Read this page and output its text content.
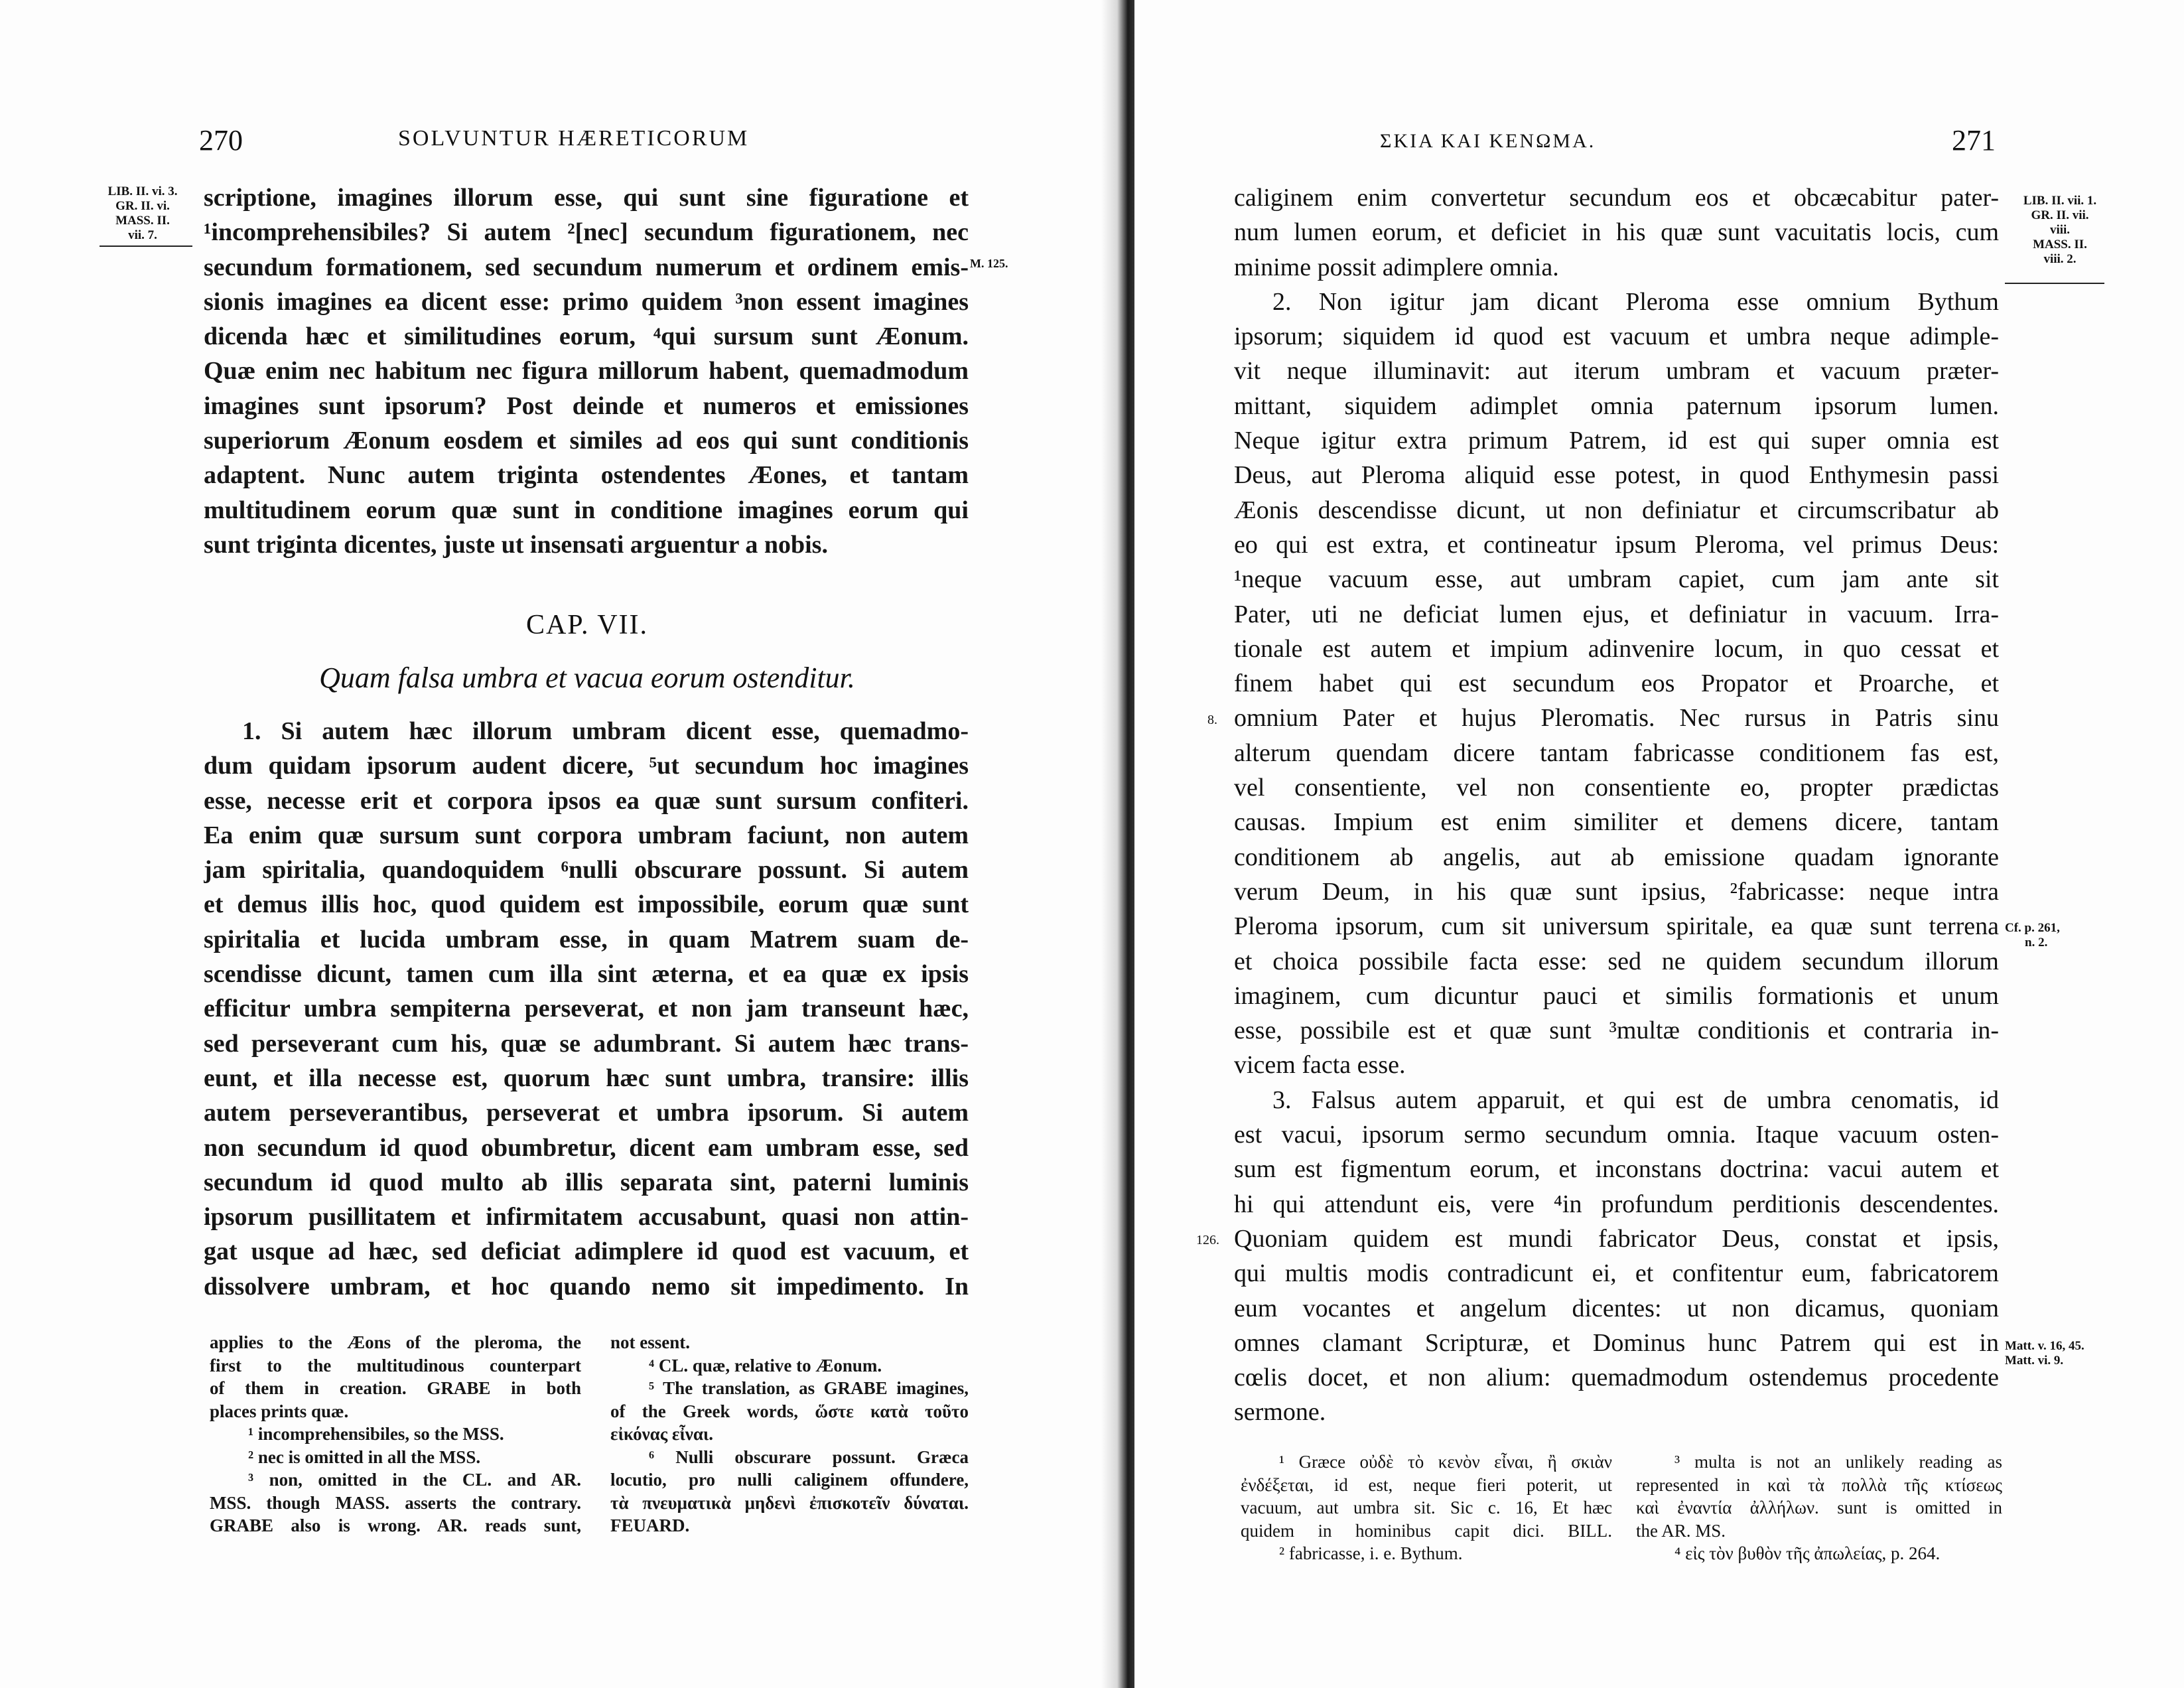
270	SOLVUNTUR HÆRETICORUM
LIB. II. vi. 3.
GR. II. vi.
MASS. II.
vii. 7.
M. 125.
scriptione, imagines illorum esse, qui sunt sine figuratione et
¹incomprehensibiles? Si autem ²[nec] secundum figurationem, nec
secundum formationem, sed secundum numerum et ordinem emis-
sionis imagines ea dicent esse: primo quidem ³non essent imagines
dicenda hæc et similitudines eorum, ⁴qui sursum sunt Æonum.
Quæ enim nec habitum nec figura millorum habent, quemadmodum
imagines sunt ipsorum? Post deinde et numeros et emissiones
superiorum Æonum eosdem et similes ad eos qui sunt conditionis
adaptent. Nunc autem triginta ostendentes Æones, et tantam
multitudinem eorum quæ sunt in conditione imagines eorum qui
sunt triginta dicentes, juste ut insensati arguentur a nobis.
CAP. VII.
Quam falsa umbra et vacua eorum ostenditur.
1. Si autem hæc illorum umbram dicent esse, quemadmo-
dum quidam ipsorum audent dicere, ⁵ut secundum hoc imagines
esse, necesse erit et corpora ipsos ea quæ sunt sursum confiteri.
Ea enim quæ sursum sunt corpora umbram faciunt, non autem
jam spiritalia, quandoquidem ⁶nulli obscurare possunt. Si autem
et demus illis hoc, quod quidem est impossibile, eorum quæ sunt
spiritalia et lucida umbram esse, in quam Matrem suam de-
scendisse dicunt, tamen cum illa sint æterna, et ea quæ ex ipsis
efficitur umbra sempiterna perseverat, et non jam transeunt hæc,
sed perseverant cum his, quæ se adumbrant. Si autem hæc trans-
eunt, et illa necesse est, quorum hæc sunt umbra, transire: illis
autem perseverantibus, perseverat et umbra ipsorum. Si autem
non secundum id quod obumbretur, dicent eam umbram esse, sed
secundum id quod multo ab illis separata sint, paterni luminis
ipsorum pusillitatem et infirmitatem accusabunt, quasi non attin-
gat usque ad hæc, sed deficiat adimplere id quod est vacuum, et
dissolvere umbram, et hoc quando nemo sit impedimento. In
applies to the Æons of the pleroma, the
first to the multitudinous counterpart
of them in creation. GRABE in both
places prints quæ.
¹ incomprehensibiles, so the MSS.
² nec is omitted in all the MSS.
³ non, omitted in the CL. and AR.
MSS. though MASS. asserts the contrary.
GRABE also is wrong. AR. reads sunt,
not essent.
⁴ CL. quæ, relative to Æonum.
⁵ The translation, as GRABE imagines,
of the Greek words, ὥστε κατὰ τοῦτο
εἰκόνας εἶναι.
⁶ Nulli obscurare possunt. Græca
locutio, pro nulli caliginem offundere,
τὰ πνευματικὰ μηδενὶ ἐπισκοτεῖν δύναται.
FEUARD.
ΣΚΙΑ ΚΑΙ ΚΕΝΩΜΑ.	271
caliginem enim convertetur secundum eos et obcæcabitur pater-
num lumen eorum, et deficiet in his quæ sunt vacuitatis locis, cum
minime possit adimplere omnia.
2. Non igitur jam dicant Pleroma esse omnium Bythum
ipsorum; siquidem id quod est vacuum et umbra neque adimple-
vit neque illuminavit: aut iterum umbram et vacuum præter-
mittant, siquidem adimplet omnia paternum ipsorum lumen.
Neque igitur extra primum Patrem, id est qui super omnia est
Deus, aut Pleroma aliquid esse potest, in quod Enthymesin passi
Æonis descendisse dicunt, ut non definiatur et circumscribatur ab
eo qui est extra, et contineatur ipsum Pleroma, vel primus Deus:
¹neque vacuum esse, aut umbram capiet, cum jam ante sit
Pater, uti ne deficiat lumen ejus, et definiatur in vacuum. Irra-
tionale est autem et impium adinvenire locum, in quo cessat et
finem habet qui est secundum eos Propator et Proarche, et
omnium Pater et hujus Pleromatis. Nec rursus in Patris sinu
alterum quendam dicere tantam fabricasse conditionem fas est,
vel consentiente, vel non consentiente eo, propter prædictas
causas. Impium est enim similiter et demens dicere, tantam
conditionem ab angelis, aut ab emissione quadam ignorante
verum Deum, in his quæ sunt ipsius, ²fabricasse: neque intra
Pleroma ipsorum, cum sit universum spiritale, ea quæ sunt terrena
et choica possibile facta esse: sed ne quidem secundum illorum
imaginem, cum dicuntur pauci et similis formationis et unum
esse, possibile est et quæ sunt ³multæ conditionis et contraria in-
vicem facta esse.
3. Falsus autem apparuit, et qui est de umbra cenomatis, id
est vacui, ipsorum sermo secundum omnia. Itaque vacuum osten-
sum est figmentum eorum, et inconstans doctrina: vacui autem et
hi qui attendunt eis, vere ⁴in profundum perditionis descendentes.
Quoniam quidem est mundi fabricator Deus, constat et ipsis,
qui multis modis contradicunt ei, et confitentur eum, fabricatorem
eum vocantes et angelum dicentes: ut non dicamus, quoniam
omnes clamant Scripturæ, et Dominus hunc Patrem qui est in
cœlis docet, et non alium: quemadmodum ostendemus procedente
sermone.
LIB. II. vii. 1.
GR. II. vii.
viii.
MASS. II.
viii. 2.
8.
Cf. p. 261,
n. 2.
126.
Matt. v. 16, 45.
Matt. vi. 9.
¹ Græce οὐδὲ τὸ κενὸν εἶναι, ἢ σκιὰν
ἐνδέξεται, id est, neque fieri poterit, ut
vacuum, aut umbra sit. Sic c. 16, Et hæc
quidem in hominibus capit dici. BILL.
² fabricasse, i. e. Bythum.
³ multa is not an unlikely reading as
represented in καὶ τὰ πολλὰ τῆς κτίσεως
καὶ ἐναντία ἀλλήλων. sunt is omitted in
the AR. MS.
⁴ εἰς τὸν βυθὸν τῆς ἀπωλείας, p. 264.
